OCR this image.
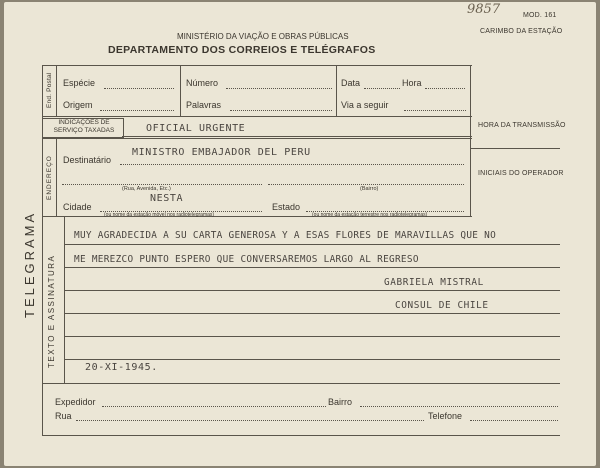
9857	MOD. 161
MINISTÉRIO DA VIAÇÃO E OBRAS PÚBLICAS
DEPARTAMENTO DOS CORREIOS E TELÉGRAFOS
CARIMBO DA ESTAÇÃO
TELEGRAMA
End. Postal Espécie	Número	Data	Hora
Origem	Palavras	Via a seguir
INDICAÇÕES DE SERVIÇO TAXADAS	OFICIAL URGENTE	HORA DA TRANSMISSÃO
INICIAIS DO OPERADOR
ENDEREÇO Destinatário
MINISTRO EMBAJADOR DEL PERU
(Rua, Avenida, Etc.)	(Bairro)
Cidade
NESTA
Estado
(ou nome da estação móvel nos radiotelegramas)	(ou nome da estação terrestre nos radiotelegramas)
TEXTO E ASSINATURA
MUY AGRADECIDA A SU CARTA GENEROSA Y A ESAS FLORES DE MARAVILLAS QUE NO
ME MEREZCO PUNTO ESPERO QUE CONVERSAREMOS LARGO AL REGRESO
GABRIELA MISTRAL
CONSUL DE CHILE
20-XI-1945.
Expedidor	Bairro
Rua	Telefone
